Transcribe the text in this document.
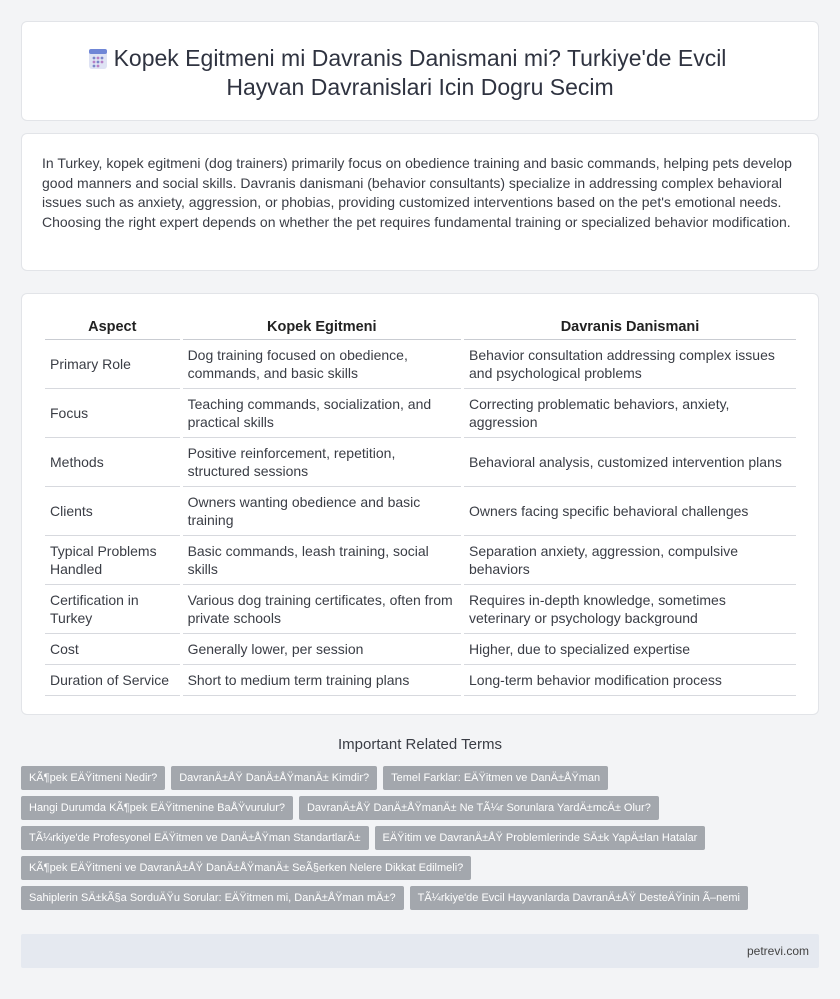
Kopek Egitmeni mi Davranis Danismani mi? Turkiye'de Evcil Hayvan Davranislari Icin Dogru Secim

In Turkey, kopek egitmeni (dog trainers) primarily focus on obedience training and basic commands, helping pets develop good manners and social skills. Davranis danismani (behavior consultants) specialize in addressing complex behavioral issues such as anxiety, aggression, or phobias, providing customized interventions based on the pet's emotional needs. Choosing the right expert depends on whether the pet requires fundamental training or specialized behavior modification.

Aspect	Kopek Egitmeni	Davranis Danismani
Primary Role	Dog training focused on obedience, commands, and basic skills	Behavior consultation addressing complex issues and psychological problems
Focus	Teaching commands, socialization, and practical skills	Correcting problematic behaviors, anxiety, aggression
Methods	Positive reinforcement, repetition, structured sessions	Behavioral analysis, customized intervention plans
Clients	Owners wanting obedience and basic training	Owners facing specific behavioral challenges
Typical Problems Handled	Basic commands, leash training, social skills	Separation anxiety, aggression, compulsive behaviors
Certification in Turkey	Various dog training certificates, often from private schools	Requires in-depth knowledge, sometimes veterinary or psychology background
Cost	Generally lower, per session	Higher, due to specialized expertise
Duration of Service	Short to medium term training plans	Long-term behavior modification process
Important Related Terms
KÃ¶pek EÄŸitmeni Nedir?	DavranÄ±ÅŸ DanÄ±ÅŸmanÄ± Kimdir?	Temel Farklar: EÄŸitmen ve DanÄ±ÅŸman
Hangi Durumda KÃ¶pek EÄŸitmenine BaÅŸvurulur?	DavranÄ±ÅŸ DanÄ±ÅŸmanÄ± Ne TÃ¼r Sorunlara YardÄ±mcÄ± Olur?
TÃ¼rkiye'de Profesyonel EÄŸitmen ve DanÄ±ÅŸman StandartlarÄ±	EÄŸitim ve DavranÄ±ÅŸ Problemlerinde SÄ±k YapÄ±lan Hatalar
KÃ¶pek EÄŸitmeni ve DavranÄ±ÅŸ DanÄ±ÅŸmanÄ± SeÃ§erken Nelere Dikkat Edilmeli?
Sahiplerin SÄ±kÃ§a SorduÄŸu Sorular: EÄŸitmen mi, DanÄ±ÅŸman mÄ±?	TÃ¼rkiye'de Evcil Hayvanlarda DavranÄ±ÅŸ DesteÄŸinin Ã–nemi
petrevi.com
